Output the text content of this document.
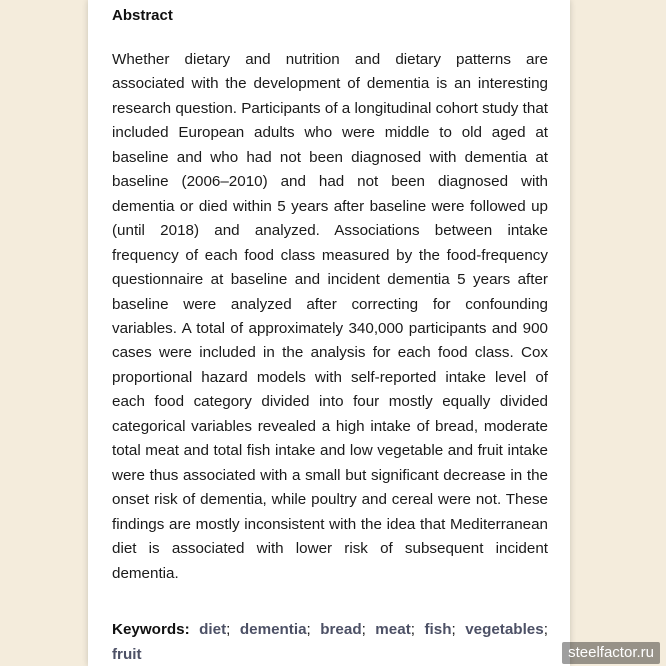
Abstract

Whether dietary and nutrition and dietary patterns are associated with the development of dementia is an interesting research question. Participants of a longitudinal cohort study that included European adults who were middle to old aged at baseline and who had not been diagnosed with dementia at baseline (2006–2010) and had not been diagnosed with dementia or died within 5 years after baseline were followed up (until 2018) and analyzed. Associations between intake frequency of each food class measured by the food-frequency questionnaire at baseline and incident dementia 5 years after baseline were analyzed after correcting for confounding variables. A total of approximately 340,000 participants and 900 cases were included in the analysis for each food class. Cox proportional hazard models with self-reported intake level of each food category divided into four mostly equally divided categorical variables revealed a high intake of bread, moderate total meat and total fish intake and low vegetable and fruit intake were thus associated with a small but significant decrease in the onset risk of dementia, while poultry and cereal were not. These findings are mostly inconsistent with the idea that Mediterranean diet is associated with lower risk of subsequent incident dementia.

Keywords: diet; dementia; bread; meat; fish; vegetables; fruit	steelfactor.ru
